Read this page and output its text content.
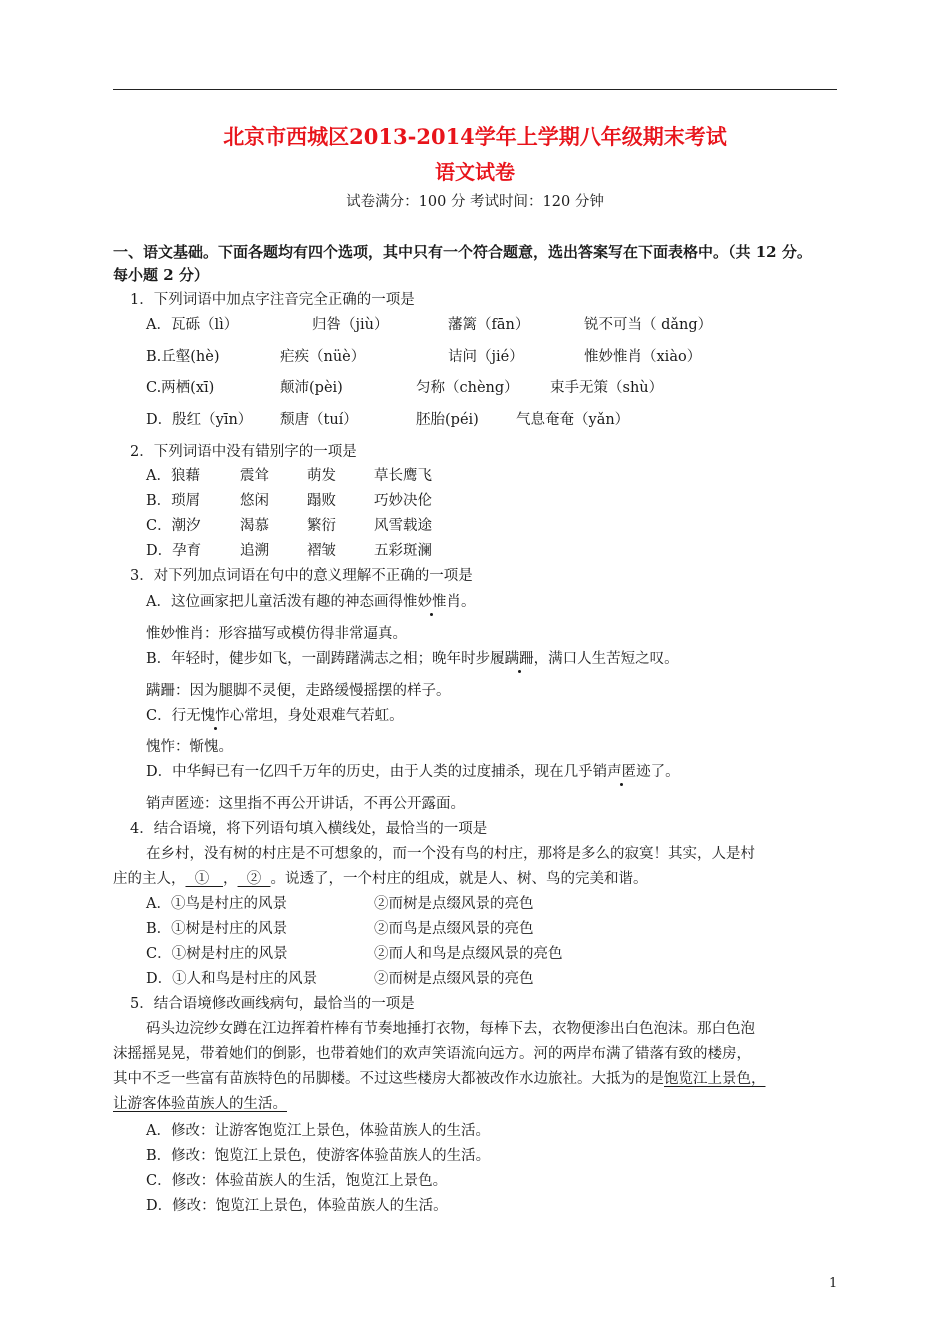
北京市西城区2013-2014学年上学期八年级期末考试
语文试卷
试卷满分：100 分 考试时间：120 分钟
一、语文基础。下面各题均有四个选项，其中只有一个符合题意，选出答案写在下面表格中。（共 12 分。
每小题 2 分）
1．下列词语中加点字注音完全正确的一项是
A．瓦砾（lì）	归咎（jiù）	藩篱（fān）	锐不可当（ dǎng）
B.丘壑(hè)	疟疾（nüè）	诘问（jié）	惟妙惟肖（xiào）
C.两栖(xī)	颠沛(pèi)	匀称（chèng） 束手无策（shù）
D．殷红（yīn） 颓唐（tuí）	胚胎(péi)	气息奄奄（yǎn）
2．下列词语中没有错别字的一项是
A．狼藉	震耸	萌发	草长鹰飞
B．琐屑	悠闲	蹋败	巧妙决伦
C．潮汐	渴慕	繁衍	风雪载途
D．孕育	追溯	褶皱	五彩斑澜
3．对下列加点词语在句中的意义理解不正确的一项是
A．这位画家把儿童活泼有趣的神态画得惟妙惟肖。
惟妙惟肖：形容描写或模仿得非常逼真。
B．年轻时，健步如飞，一副踌躇满志之相；晚年时步履蹒跚，满口人生苦短之叹。
蹒跚：因为腿脚不灵便，走路缓慢摇摆的样子。
C．行无愧怍心常坦，身处艰难气若虹。
愧怍：惭愧。
D．中华鲟已有一亿四千万年的历史，由于人类的过度捕杀，现在几乎销声匿迹了。
销声匿迹：这里指不再公开讲话，不再公开露面。
4．结合语境，将下列语句填入横线处，最恰当的一项是
在乡村，没有树的村庄是不可想象的，而一个没有鸟的村庄，那将是多么的寂寞！其实，人是村
庄的主人，  ①   ，  ②  。说透了，一个村庄的组成，就是人、树、鸟的完美和谐。
A．①鸟是村庄的风景	②而树是点缀风景的亮色
B．①树是村庄的风景	②而鸟是点缀风景的亮色
C．①树是村庄的风景	②而人和鸟是点缀风景的亮色
D．①人和鸟是村庄的风景	②而树是点缀风景的亮色
5．结合语境修改画线病句，最恰当的一项是
码头边浣纱女蹲在江边挥着杵棒有节奏地捶打衣物，每棒下去，衣物便渗出白色泡沫。那白色泡
沫摇摇晃晃，带着她们的倒影，也带着她们的欢声笑语流向远方。河的两岸布满了错落有致的楼房，
其中不乏一些富有苗族特色的吊脚楼。不过这些楼房大都被改作水边旅社。大抵为的是饱览江上景色，
让游客体验苗族人的生活。
A．修改：让游客饱览江上景色，体验苗族人的生活。
B．修改：饱览江上景色，使游客体验苗族人的生活。
C．修改：体验苗族人的生活，饱览江上景色。
D．修改：饱览江上景色，体验苗族人的生活。
1
